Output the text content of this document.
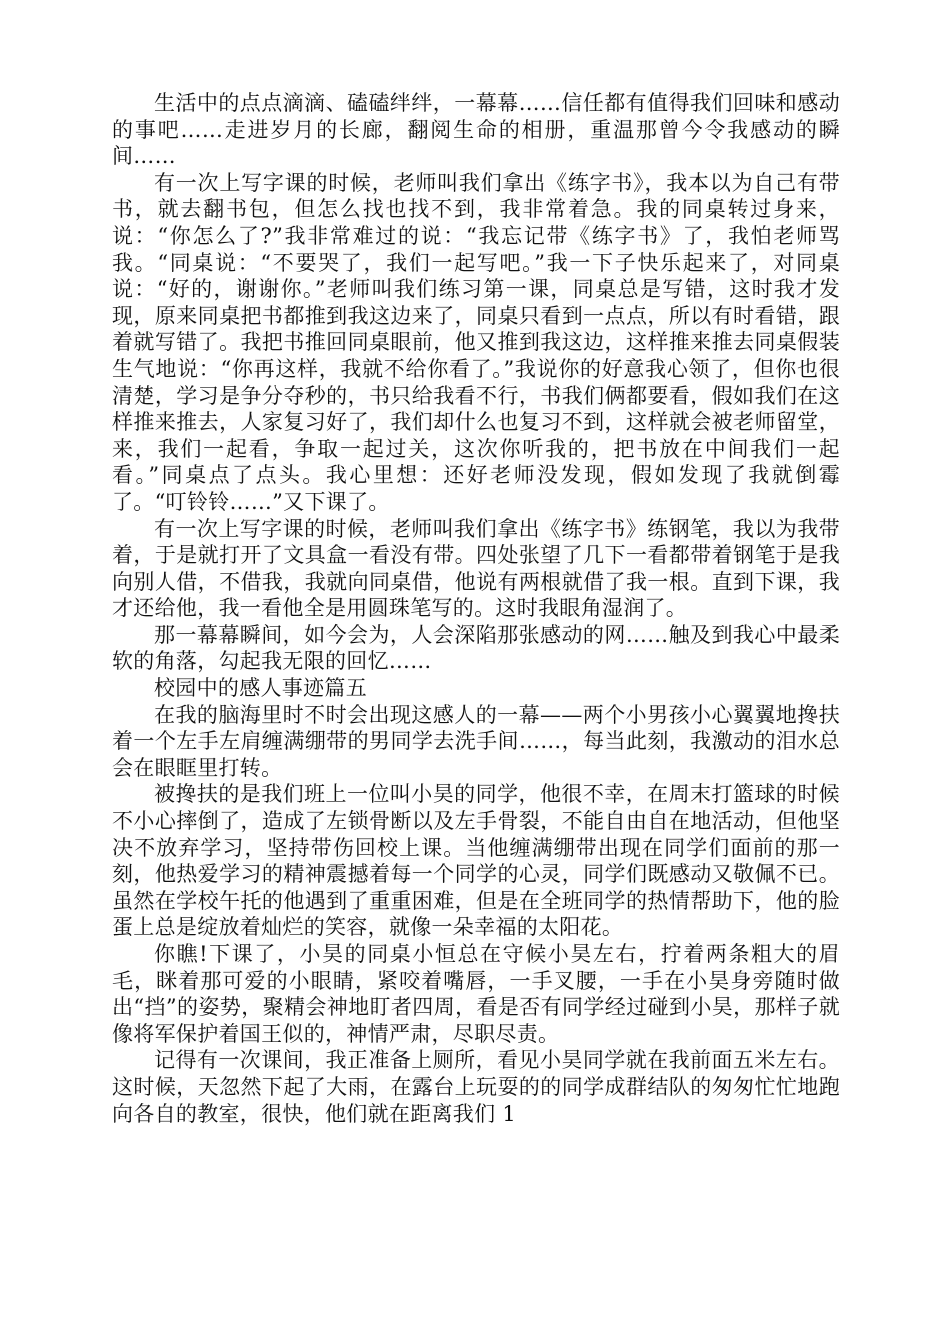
生活中的点点滴滴、磕磕绊绊，一幕幕……信任都有值得我们回味和感动的事吧……走进岁月的长廊，翻阅生命的相册，重温那曾今令我感动的瞬间……

有一次上写字课的时候，老师叫我们拿出《练字书》，我本以为自己有带书，就去翻书包，但怎么找也找不到，我非常着急。我的同桌转过身来，说：“你怎么了?”我非常难过的说：“我忘记带《练字书》了，我怕老师骂我。“同桌说：“不要哭了，我们一起写吧。”我一下子快乐起来了，对同桌说：“好的，谢谢你。”老师叫我们练习第一课，同桌总是写错，这时我才发现，原来同桌把书都推到我这边来了，同桌只看到一点点，所以有时看错，跟着就写错了。我把书推回同桌眼前，他又推到我这边，这样推来推去同桌假装生气地说：“你再这样，我就不给你看了。”我说你的好意我心领了，但你也很清楚，学习是争分夺秒的，书只给我看不行，书我们俩都要看，假如我们在这样推来推去，人家复习好了，我们却什么也复习不到，这样就会被老师留堂，来，我们一起看，争取一起过关，这次你听我的，把书放在中间我们一起看。”同桌点了点头。我心里想：还好老师没发现，假如发现了我就倒霉了。“叮铃铃……”又下课了。

有一次上写字课的时候，老师叫我们拿出《练字书》练钢笔，我以为我带着，于是就打开了文具盒一看没有带。四处张望了几下一看都带着钢笔于是我向别人借，不借我，我就向同桌借，他说有两根就借了我一根。直到下课，我才还给他，我一看他全是用圆珠笔写的。这时我眼角湿润了。

那一幕幕瞬间，如今会为，人会深陷那张感动的网……触及到我心中最柔软的角落，勾起我无限的回忆……

校园中的感人事迹篇五

在我的脑海里时不时会出现这感人的一幕——两个小男孩小心翼翼地搀扶着一个左手左肩缠满绷带的男同学去洗手间……，每当此刻，我激动的泪水总会在眼眶里打转。

被搀扶的是我们班上一位叫小昊的同学，他很不幸，在周末打篮球的时候不小心摔倒了，造成了左锁骨断以及左手骨裂，不能自由自在地活动，但他坚决不放弃学习，坚持带伤回校上课。当他缠满绷带出现在同学们面前的那一刻，他热爱学习的精神震撼着每一个同学的心灵，同学们既感动又敬佩不已。虽然在学校午托的他遇到了重重困难，但是在全班同学的热情帮助下，他的脸蛋上总是绽放着灿烂的笑容，就像一朵幸福的太阳花。

你瞧!下课了，小昊的同桌小恒总在守候小昊左右，拧着两条粗大的眉毛，眯着那可爱的小眼睛，紧咬着嘴唇，一手叉腰，一手在小昊身旁随时做出“挡”的姿势，聚精会神地盯者四周，看是否有同学经过碰到小昊，那样子就像将军保护着国王似的，神情严肃，尽职尽责。

记得有一次课间，我正准备上厕所，看见小昊同学就在我前面五米左右。这时候，天忽然下起了大雨，在露台上玩耍的的同学成群结队的匆匆忙忙地跑向各自的教室，很快，他们就在距离我们 1
